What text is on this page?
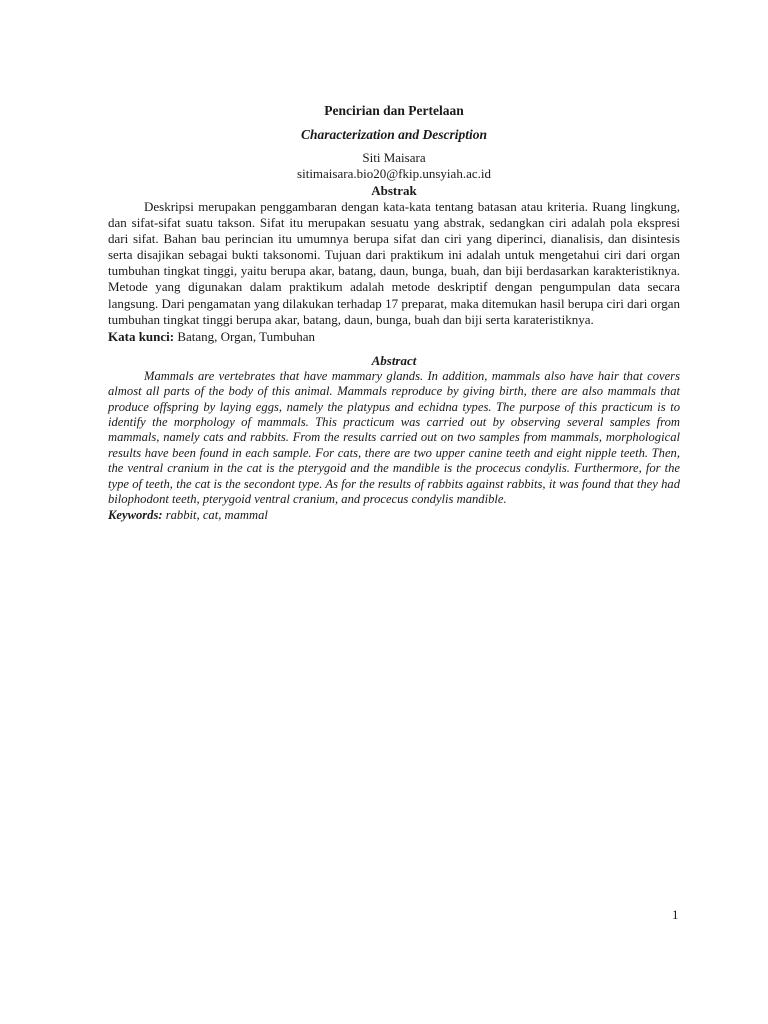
Pencirian dan Pertelaan
Characterization and Description

Siti Maisara

sitimaisara.bio20@fkip.unsyiah.ac.id

Abstrak

Deskripsi merupakan penggambaran dengan kata-kata tentang batasan atau kriteria. Ruang lingkung, dan sifat-sifat suatu takson. Sifat itu merupakan sesuatu yang abstrak, sedangkan ciri adalah pola ekspresi dari sifat. Bahan bau perincian itu umumnya berupa sifat dan ciri yang diperinci, dianalisis, dan disintesis serta disajikan sebagai bukti taksonomi. Tujuan dari praktikum ini adalah untuk mengetahui ciri dari organ tumbuhan tingkat tinggi, yaitu berupa akar, batang, daun, bunga, buah, dan biji berdasarkan karakteristiknya. Metode yang digunakan dalam praktikum adalah metode deskriptif dengan pengumpulan data secara langsung. Dari pengamatan yang dilakukan terhadap 17 preparat, maka ditemukan hasil berupa ciri dari organ tumbuhan tingkat tinggi berupa akar, batang, daun, bunga, buah dan biji serta karateristiknya.

Kata kunci: Batang, Organ, Tumbuhan

Abstract

Mammals are vertebrates that have mammary glands. In addition, mammals also have hair that covers almost all parts of the body of this animal. Mammals reproduce by giving birth, there are also mammals that produce offspring by laying eggs, namely the platypus and echidna types. The purpose of this practicum is to identify the morphology of mammals. This practicum was carried out by observing several samples from mammals, namely cats and rabbits. From the results carried out on two samples from mammals, morphological results have been found in each sample. For cats, there are two upper canine teeth and eight nipple teeth. Then, the ventral cranium in the cat is the pterygoid and the mandible is the procecus condylis. Furthermore, for the type of teeth, the cat is the secondont type. As for the results of rabbits against rabbits, it was found that they had bilophodont teeth, pterygoid ventral cranium, and procecus condylis mandible.

Keywords: rabbit, cat, mammal

1
